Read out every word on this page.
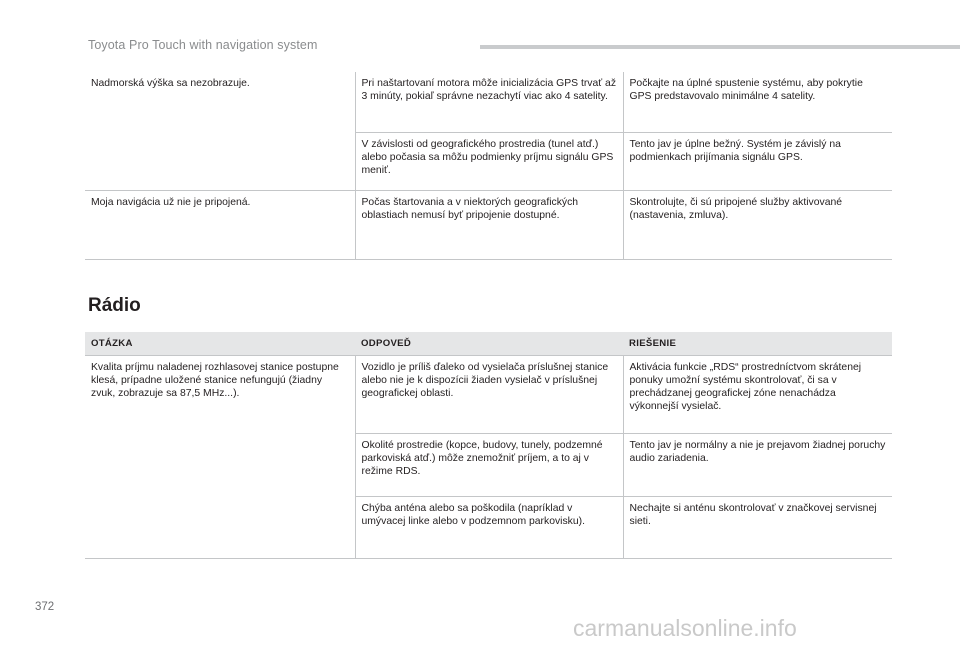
Toyota Pro Touch with navigation system
Nadmorská výška sa nezobrazuje.	Pri naštartovaní motora môže inicializácia GPS trvať až 3 minúty, pokiaľ správne nezachytí viac ako 4 satelity.	Počkajte na úplné spustenie systému, aby pokrytie GPS predstavovalo minimálne 4 satelity.
	V závislosti od geografického prostredia (tunel atď.) alebo počasia sa môžu podmienky príjmu signálu GPS meniť.	Tento jav je úplne bežný. Systém je závislý na podmienkach prijímania signálu GPS.
Moja navigácia už nie je pripojená.	Počas štartovania a v niektorých geografických oblastiach nemusí byť pripojenie dostupné.	Skontrolujte, či sú pripojené služby aktivované (nastavenia, zmluva).
Rádio
OTÁZKA	ODPOVEĎ	RIEŠENIE
Kvalita príjmu naladenej rozhlasovej stanice postupne klesá, prípadne uložené stanice nefungujú (žiadny zvuk, zobrazuje sa 87,5 MHz...).	Vozidlo je príliš ďaleko od vysielača príslušnej stanice alebo nie je k dispozícii žiaden vysielač v príslušnej geografickej oblasti.	Aktivácia funkcie „RDS“ prostredníctvom skrátenej ponuky umožní systému skontrolovať, či sa v prechádzanej geografickej zóne nenachádza výkonnejší vysielač.
	Okolité prostredie (kopce, budovy, tunely, podzemné parkoviská atď.) môže znemožniť príjem, a to aj v režime RDS.	Tento jav je normálny a nie je prejavom žiadnej poruchy audio zariadenia.
	Chýba anténa alebo sa poškodila (napríklad v umývacej linke alebo v podzemnom parkovisku).	Nechajte si anténu skontrolovať v značkovej servisnej sieti.
372
carmanualsonline.info
